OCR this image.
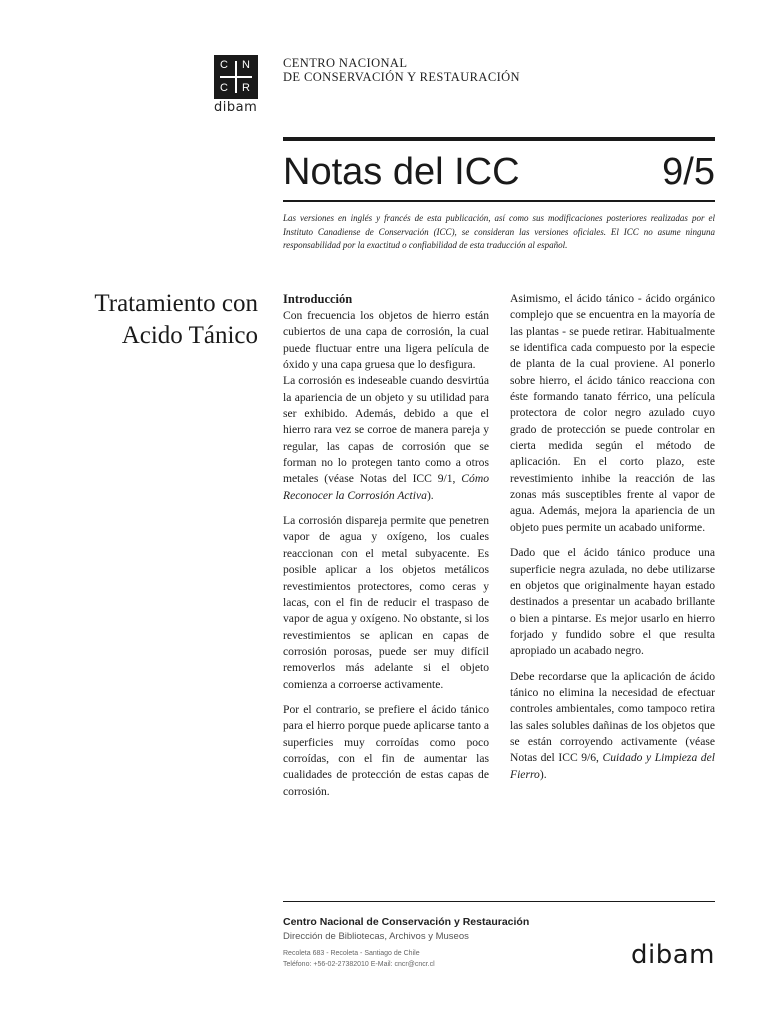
C N
C R
dibam
CENTRO NACIONAL
DE CONSERVACIÓN Y RESTAURACIÓN
Notas del ICC	9/5
Las versiones en inglés y francés de esta publicación, así como sus modificaciones posteriores realizadas por el Instituto Canadiense de Conservación (ICC), se consideran las versiones oficiales. El ICC no asume ninguna responsabilidad por la exactitud o confiabilidad de esta traducción al español.
Tratamiento con
Acido Tánico
Introducción

Con frecuencia los objetos de hierro están cubiertos de una capa de corrosión, la cual puede fluctuar entre una ligera película de óxido y una capa gruesa que lo desfigura.

La corrosión es indeseable cuando desvirtúa la apariencia de un objeto y su utilidad para ser exhibido. Además, debido a que el hierro rara vez se corroe de manera pareja y regular, las capas de corrosión que se forman no lo protegen tanto como a otros metales (véase Notas del ICC 9/1, Cómo Reconocer la Corrosión Activa).

La corrosión dispareja permite que penetren vapor de agua y oxígeno, los cuales reaccionan con el metal subyacente. Es posible aplicar a los objetos metálicos revestimientos protectores, como ceras y lacas, con el fin de reducir el traspaso de vapor de agua y oxígeno. No obstante, si los revestimientos se aplican en capas de corrosión porosas, puede ser muy difícil removerlos más adelante si el objeto comienza a corroerse activamente.

Por el contrario, se prefiere el ácido tánico para el hierro porque puede aplicarse tanto a superficies muy corroídas como poco corroídas, con el fin de aumentar las cualidades de protección de estas capas de corrosión.

Asimismo, el ácido tánico - ácido orgánico complejo que se encuentra en la mayoría de las plantas - se puede retirar. Habitualmente se identifica cada compuesto por la especie de planta de la cual proviene. Al ponerlo sobre hierro, el ácido tánico reacciona con éste formando tanato férrico, una película protectora de color negro azulado cuyo grado de protección se puede controlar en cierta medida según el método de aplicación. En el corto plazo, este revestimiento inhibe la reacción de las zonas más susceptibles frente al vapor de agua. Además, mejora la apariencia de un objeto pues permite un acabado uniforme.

Dado que el ácido tánico produce una superficie negra azulada, no debe utilizarse en objetos que originalmente hayan estado destinados a presentar un acabado brillante o bien a pintarse. Es mejor usarlo en hierro forjado y fundido sobre el que resulta apropiado un acabado negro.

Debe recordarse que la aplicación de ácido tánico no elimina la necesidad de efectuar controles ambientales, como tampoco retira las sales solubles dañinas de los objetos que se están corroyendo activamente (véase Notas del ICC 9/6, Cuidado y Limpieza del Fierro).

Centro Nacional de Conservación y Restauración
Dirección de Bibliotecas, Archivos y Museos
Recoleta 683 - Recoleta - Santiago de Chile
Teléfono: +56-02-27382010 E-Mail: cncr@cncr.cl	dibam
